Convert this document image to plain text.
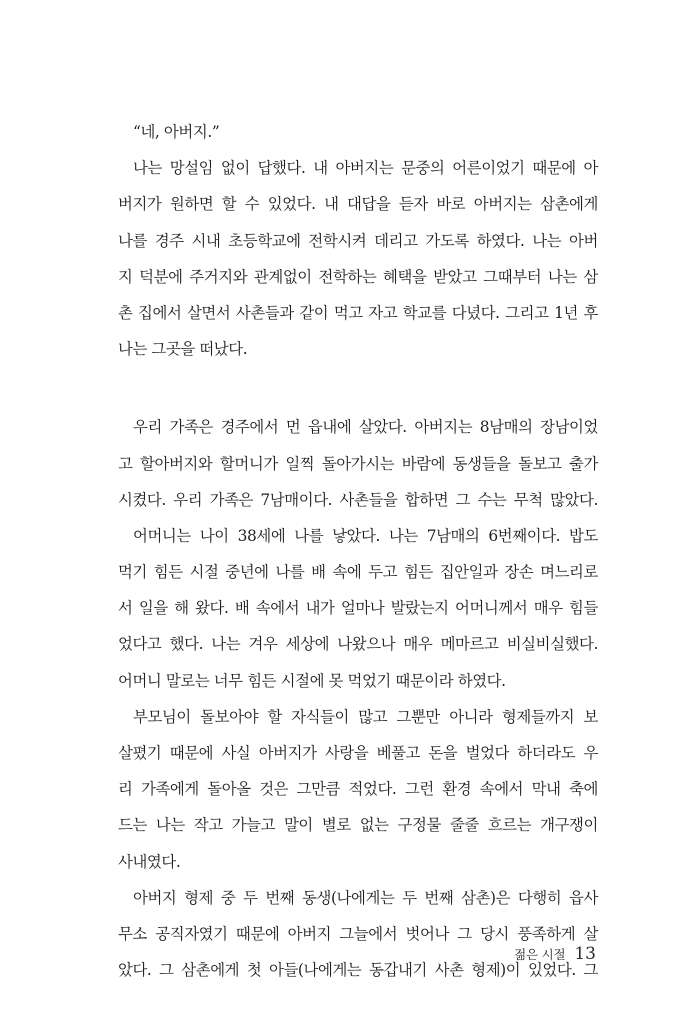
“네, 아버지.”
나는 망설임 없이 답했다. 내 아버지는 문중의 어른이었기 때문에 아
버지가 원하면 할 수 있었다. 내 대답을 듣자 바로 아버지는 삼촌에게
나를 경주 시내 초등학교에 전학시켜 데리고 가도록 하였다. 나는 아버
지 덕분에 주거지와 관계없이 전학하는 혜택을 받았고 그때부터 나는 삼
촌 집에서 살면서 사촌들과 같이 먹고 자고 학교를 다녔다. 그리고 1년 후
나는 그곳을 떠났다.
우리 가족은 경주에서 먼 읍내에 살았다. 아버지는 8남매의 장남이었
고 할아버지와 할머니가 일찍 돌아가시는 바람에 동생들을 돌보고 출가
시켰다. 우리 가족은 7남매이다. 사촌들을 합하면 그 수는 무척 많았다.
어머니는 나이 38세에 나를 낳았다. 나는 7남매의 6번째이다. 밥도
먹기 힘든 시절 중년에 나를 배 속에 두고 힘든 집안일과 장손 며느리로
서 일을 해 왔다. 배 속에서 내가 얼마나 발랐는지 어머니께서 매우 힘들
었다고 했다. 나는 겨우 세상에 나왔으나 매우 메마르고 비실비실했다.
어머니 말로는 너무 힘든 시절에 못 먹었기 때문이라 하였다.
부모님이 돌보아야 할 자식들이 많고 그뿐만 아니라 형제들까지 보
살폈기 때문에 사실 아버지가 사랑을 베풀고 돈을 벌었다 하더라도 우
리 가족에게 돌아올 것은 그만큼 적었다. 그런 환경 속에서 막내 축에
드는 나는 작고 가늘고 말이 별로 없는 구정물 줄줄 흐르는 개구쟁이
사내였다.
아버지 형제 중 두 번째 동생(나에게는 두 번째 삼촌)은 다행히 읍사
무소 공직자였기 때문에 아버지 그늘에서 벗어나 그 당시 풍족하게 살
았다. 그 삼촌에게 첫 아들(나에게는 동갑내기 사촌 형제)이 있었다. 그
젊은 시절 13
